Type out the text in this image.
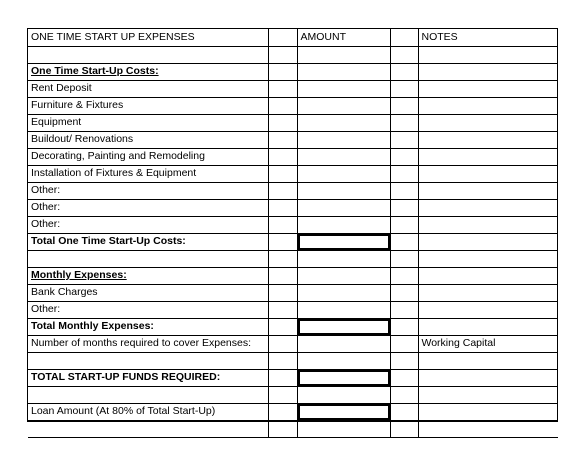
ONE TIME START UP EXPENSES		AMOUNT		NOTES

One Time Start-Up Costs:				
Rent Deposit				
Furniture & Fixtures				
Equipment				
Buildout/ Renovations				
Decorating, Painting and Remodeling				
Installation of Fixtures & Equipment				
Other:				
Other:				
Other:				
Total One Time Start-Up Costs:		

Monthly Expenses:				
Bank Charges				
Other:				
Total Monthly Expenses:		

Number of months required to cover Expenses:				Working Capital

TOTAL START-UP FUNDS REQUIRED:		

Loan Amount (At 80% of Total Start-Up)		
